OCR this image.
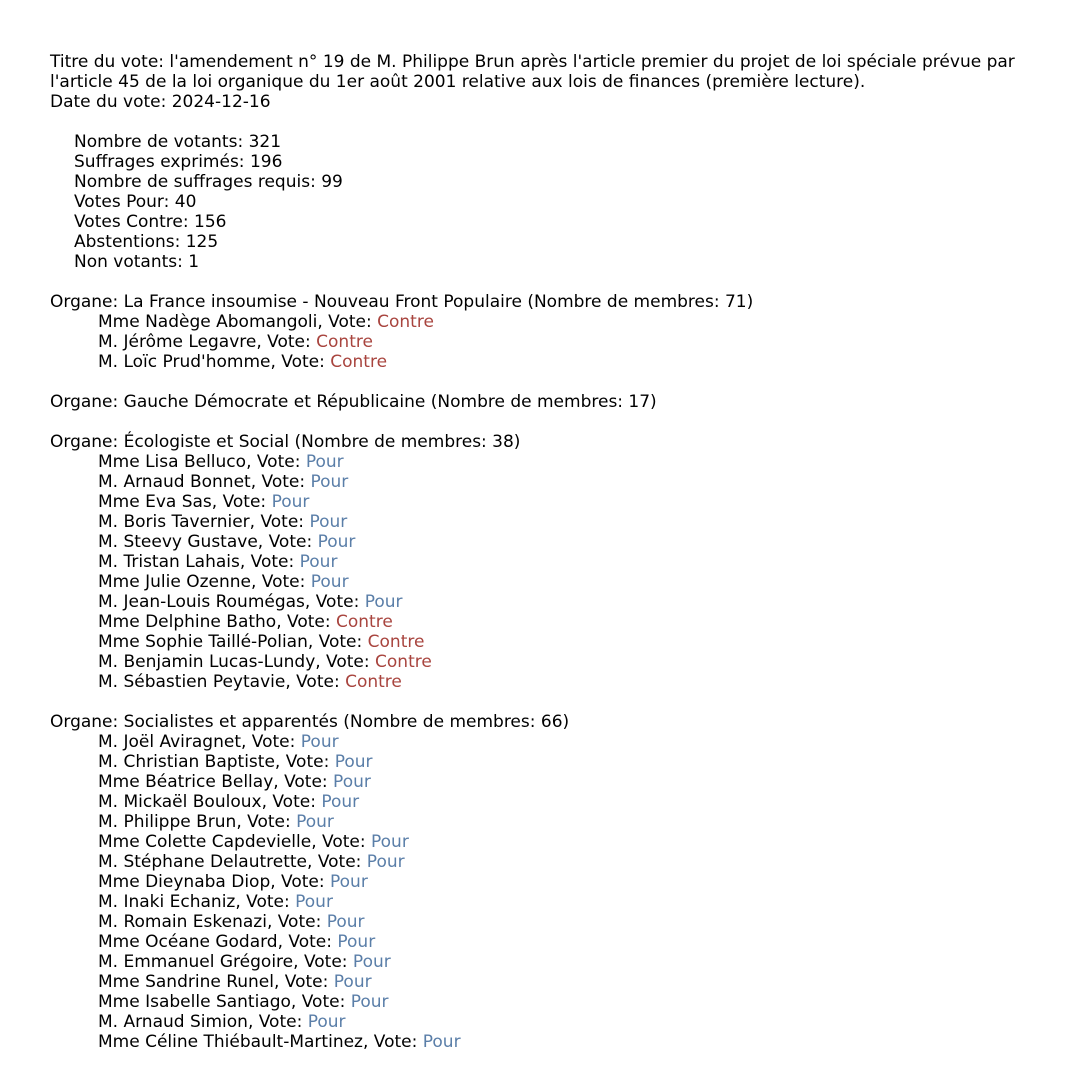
Titre du vote: l'amendement n° 19 de M. Philippe Brun après l'article premier du projet de loi spéciale prévue par
l'article 45 de la loi organique du 1er août 2001 relative aux lois de finances (première lecture).
Date du vote: 2024-12-16
Nombre de votants: 321
Suffrages exprimés: 196
Nombre de suffrages requis: 99
Votes Pour: 40
Votes Contre: 156
Abstentions: 125
Non votants: 1
Organe: La France insoumise - Nouveau Front Populaire (Nombre de membres: 71)
Mme Nadège Abomangoli, Vote: Contre
M. Jérôme Legavre, Vote: Contre
M. Loïc Prud'homme, Vote: Contre
Organe: Gauche Démocrate et Républicaine (Nombre de membres: 17)
Organe: Écologiste et Social (Nombre de membres: 38)
Mme Lisa Belluco, Vote: Pour
M. Arnaud Bonnet, Vote: Pour
Mme Eva Sas, Vote: Pour
M. Boris Tavernier, Vote: Pour
M. Steevy Gustave, Vote: Pour
M. Tristan Lahais, Vote: Pour
Mme Julie Ozenne, Vote: Pour
M. Jean-Louis Roumégas, Vote: Pour
Mme Delphine Batho, Vote: Contre
Mme Sophie Taillé-Polian, Vote: Contre
M. Benjamin Lucas-Lundy, Vote: Contre
M. Sébastien Peytavie, Vote: Contre
Organe: Socialistes et apparentés (Nombre de membres: 66)
M. Joël Aviragnet, Vote: Pour
M. Christian Baptiste, Vote: Pour
Mme Béatrice Bellay, Vote: Pour
M. Mickaël Bouloux, Vote: Pour
M. Philippe Brun, Vote: Pour
Mme Colette Capdevielle, Vote: Pour
M. Stéphane Delautrette, Vote: Pour
Mme Dieynaba Diop, Vote: Pour
M. Inaki Echaniz, Vote: Pour
M. Romain Eskenazi, Vote: Pour
Mme Océane Godard, Vote: Pour
M. Emmanuel Grégoire, Vote: Pour
Mme Sandrine Runel, Vote: Pour
Mme Isabelle Santiago, Vote: Pour
M. Arnaud Simion, Vote: Pour
Mme Céline Thiébault-Martinez, Vote: Pour
